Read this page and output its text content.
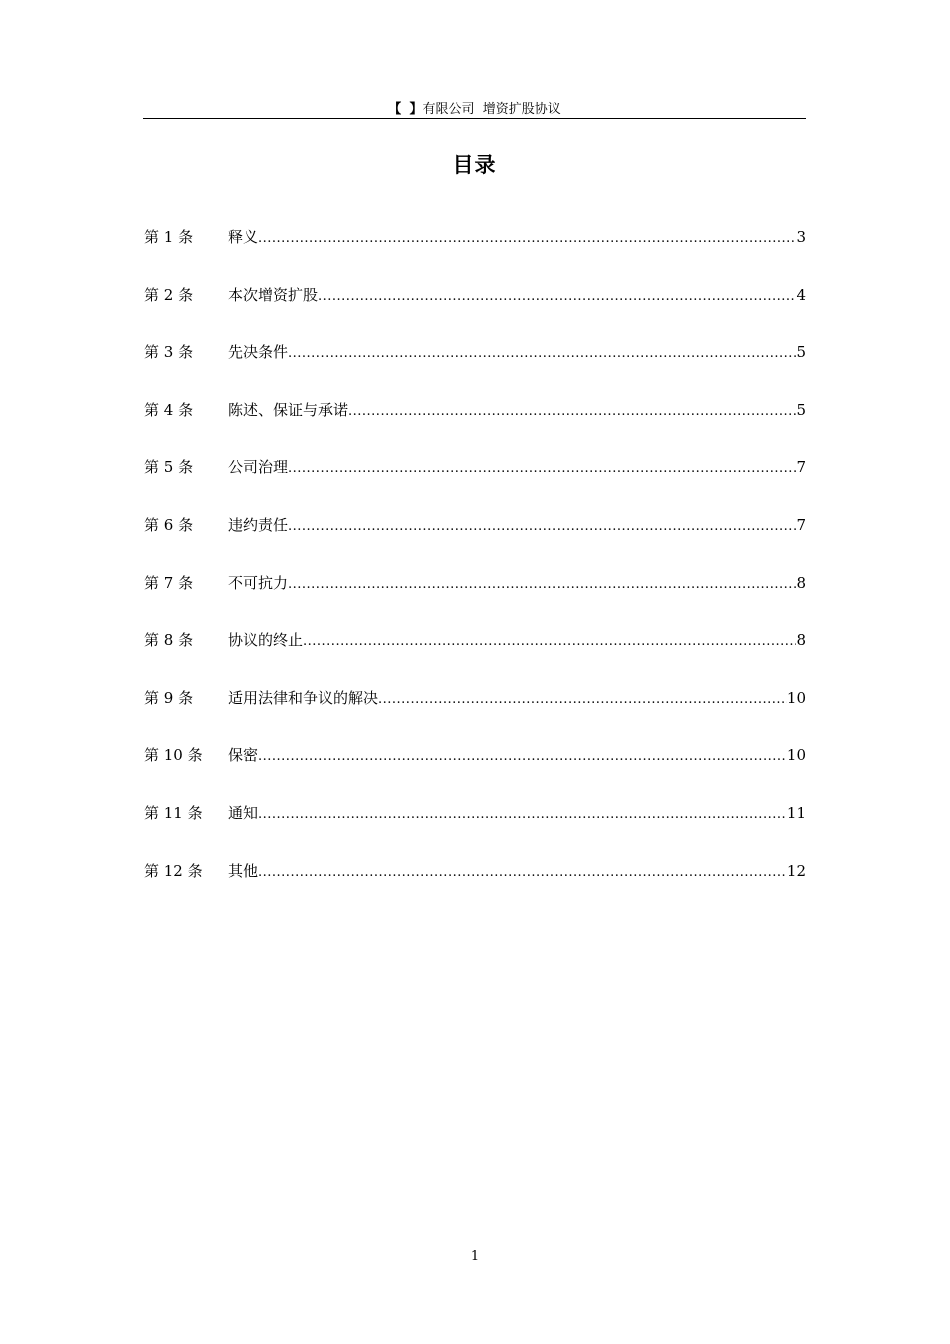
【 】有限公司 增资扩股协议
目录
第 1 条	释义 .....	3
第 2 条	本次增资扩股 .....	4
第 3 条	先决条件 .....	5
第 4 条	陈述、保证与承诺 .....	5
第 5 条	公司治理 .....	7
第 6 条	违约责任 .....	7
第 7 条	不可抗力 .....	8
第 8 条	协议的终止 .....	8
第 9 条	适用法律和争议的解决 .....	10
第 10 条	保密 .....	10
第 11 条	通知 .....	11
第 12 条	其他 .....	12
1
